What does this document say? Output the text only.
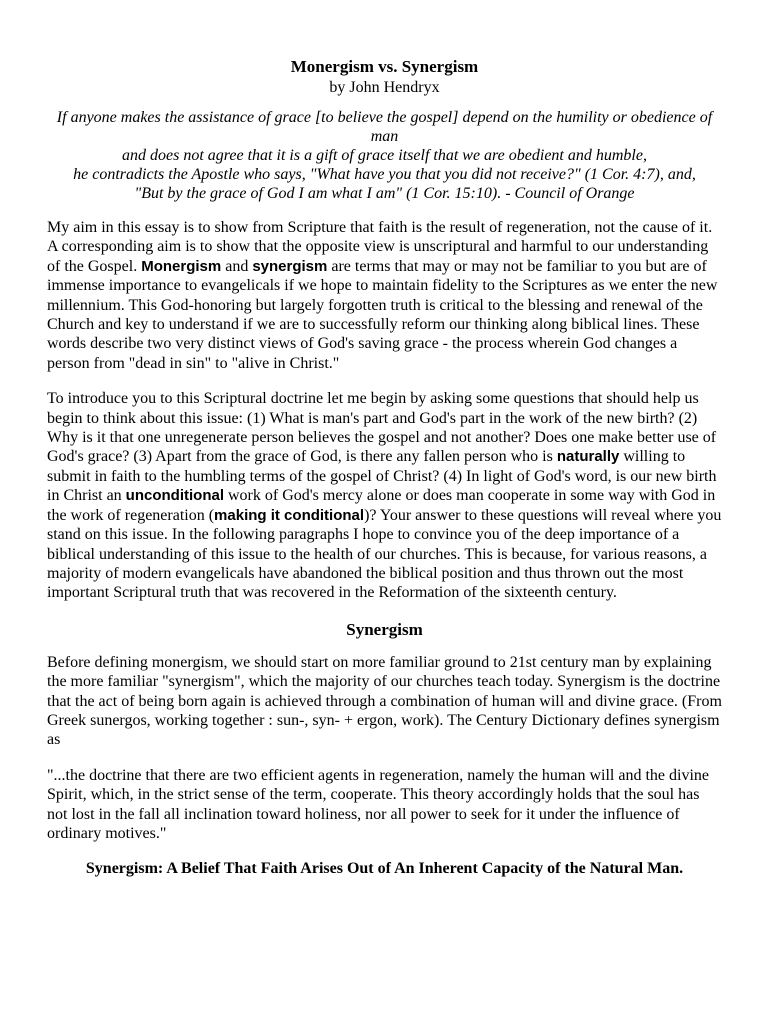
Monergism vs. Synergism
by John Hendryx
If anyone makes the assistance of grace [to believe the gospel] depend on the humility or obedience of man
and does not agree that it is a gift of grace itself that we are obedient and humble,
he contradicts the Apostle who says, "What have you that you did not receive?" (1 Cor. 4:7), and,
"But by the grace of God I am what I am" (1 Cor. 15:10). - Council of Orange

My aim in this essay is to show from Scripture that faith is the result of regeneration, not the cause of it. A corresponding aim is to show that the opposite view is unscriptural and harmful to our understanding of the Gospel. Monergism and synergism are terms that may or may not be familiar to you but are of immense importance to evangelicals if we hope to maintain fidelity to the Scriptures as we enter the new millennium. This God-honoring but largely forgotten truth is critical to the blessing and renewal of the Church and key to understand if we are to successfully reform our thinking along biblical lines. These words describe two very distinct views of God's saving grace - the process wherein God changes a person from "dead in sin" to "alive in Christ."

To introduce you to this Scriptural doctrine let me begin by asking some questions that should help us begin to think about this issue: (1) What is man's part and God's part in the work of the new birth? (2) Why is it that one unregenerate person believes the gospel and not another? Does one make better use of God's grace? (3) Apart from the grace of God, is there any fallen person who is naturally willing to submit in faith to the humbling terms of the gospel of Christ? (4) In light of God's word, is our new birth in Christ an unconditional work of God's mercy alone or does man cooperate in some way with God in the work of regeneration (making it conditional)? Your answer to these questions will reveal where you stand on this issue. In the following paragraphs I hope to convince you of the deep importance of a biblical understanding of this issue to the health of our churches. This is because, for various reasons, a majority of modern evangelicals have abandoned the biblical position and thus thrown out the most important Scriptural truth that was recovered in the Reformation of the sixteenth century.

Synergism

Before defining monergism, we should start on more familiar ground to 21st century man by explaining the more familiar "synergism", which the majority of our churches teach today. Synergism is the doctrine that the act of being born again is achieved through a combination of human will and divine grace. (From Greek sunergos, working together : sun-, syn- + ergon, work). The Century Dictionary defines synergism as

"...the doctrine that there are two efficient agents in regeneration, namely the human will and the divine Spirit, which, in the strict sense of the term, cooperate. This theory accordingly holds that the soul has not lost in the fall all inclination toward holiness, nor all power to seek for it under the influence of ordinary motives."

Synergism: A Belief That Faith Arises Out of An Inherent Capacity of the Natural Man.
